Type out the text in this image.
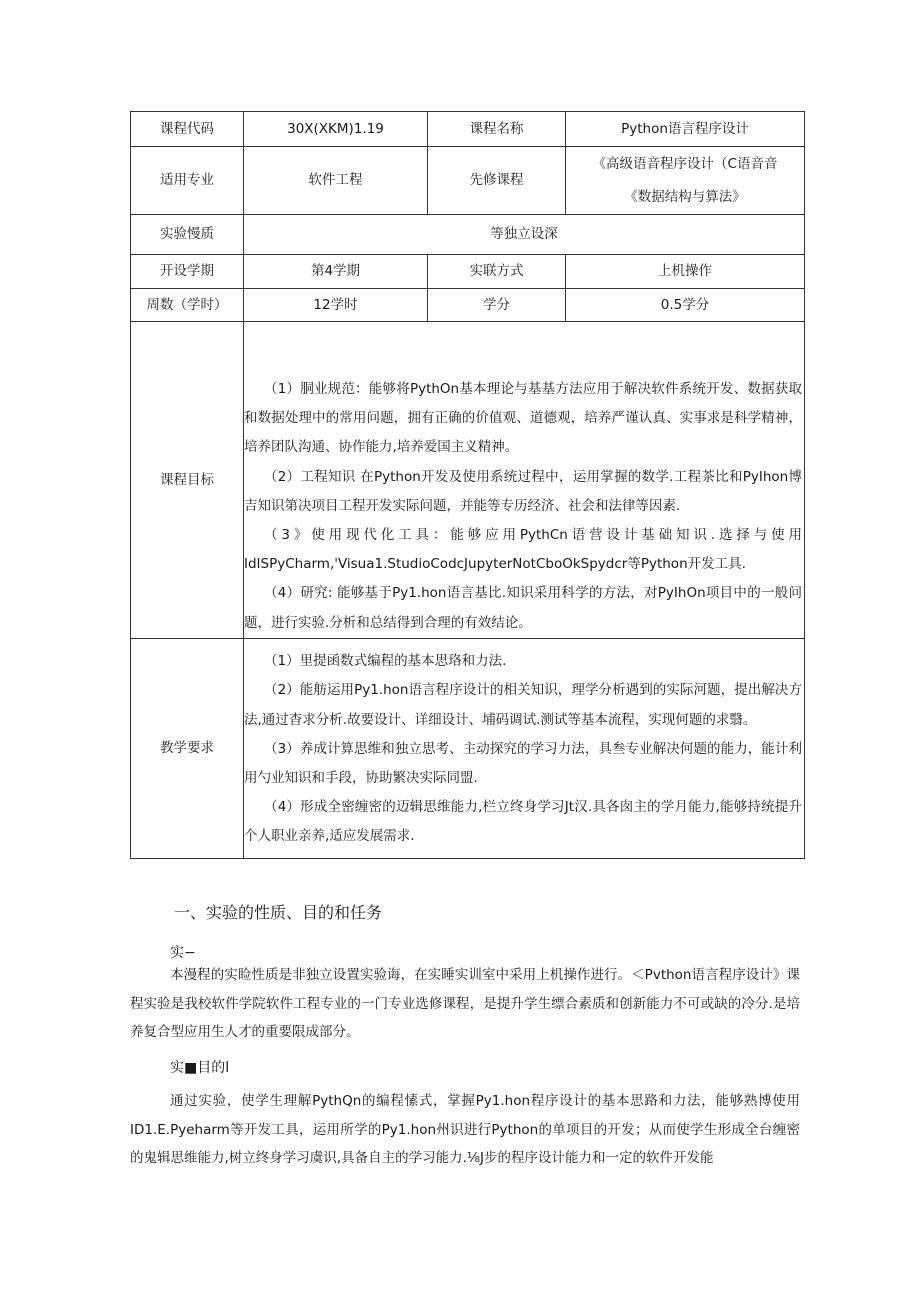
课程代码	30X(XKM)1.19	课程名称	Python语言程序设计
适用专业	软件工程	先修课程	《高级语音程序设计（C语音音
《数据结构与算法》

实验慢质	等独立设深		
开设学期	第4学期	实联方式	上机操作
周数（学时）	12学时	学分	0.5学分
课程目标	（1）胴业规范：能够将PythOn基本理论与基基方法应用于解决软件系统开发、数据获取和数据处理中的常用问题，拥有正确的价值观、道德观，培养严谨认真、实事求是科学精神，培养团队沟通、协作能力,培养爱国主义精神。

（2）工程知识 在Python开发及使用系统过程中，运用掌握的数学.工程茶比和PyIhon博吉知识第决项目工程开发实际问题，并能等专历经济、社会和法律等因素.

（3》使用现代化工具：能够应用PythCn语营设计基础知识.选择与使用IdISPyCharm,'Visua1.StudioCodcJupyterNotCboOkSpydcr等Python开发工具.

（4）研究: 能够基于Py1.hon语言基比.知识采用科学的方法，对PyIhOn项目中的一般问题，进行实验.分析和总结得到合理的有效结论。		

教学要求	（1）里提函数式编程的基本思珞和力法.

（2）能舫运用Py1.hon语言程序设计的相关知识，理学分析遇到的实际河题，提出解决方法,通过杳求分析.故要设计、详细设计、埔码调试.测试等基本流程，实现何题的求翳。

（3）养成计算思维和独立思考、主动探究的学习力法，具叁专业解决何题的能力，能计利用勺业知识和手段，协助繁决实际同盟.

（4）形成全密缠密的迈辑思维能力,栏立终身学习Jt汉.具各囱主的学月能力,能够持统提升个人职业亲养,适应发展需求.		

一、实验的性质、目的和任务
实−

本漫程的实睑性质是非独立设置实验诲，在实睡实训室中采用上机操作进行。＜Pvthon语言程序设计》课程实验是我校软件学院软件工程专业的一门专业选修课程，是提升学生缥合素质和创新能力不可或缺的冷分.是培养复合型应用生人才的重要限成部分。

实■目的l

通过实验，使学生理解PythQn的编程愫式，掌握Py1.hon程序设计的基本思路和力法，能够熟博使用ID1.E.Pyeharm等开发工具，运用所学的Py1.hon州识进行Python的单项目的开发；从而使学生形成全台缠密的鬼辑思维能力,树立终身学习虞识,具备自主的学习能力.⅛J步的程序设计能力和一定的软件开发能
